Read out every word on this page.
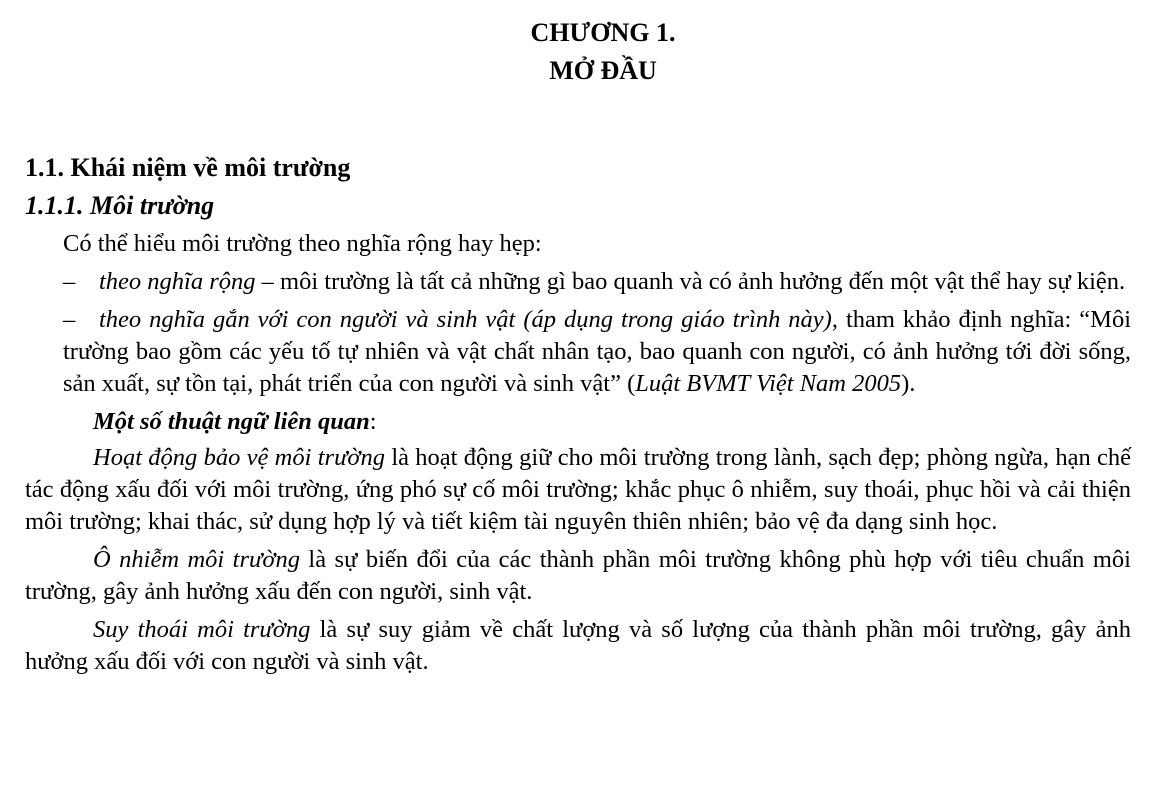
CHƯƠNG 1.
MỞ ĐẦU
1.1. Khái niệm về môi trường
1.1.1. Môi trường

Có thể hiểu môi trường theo nghĩa rộng hay hẹp:

– theo nghĩa rộng – môi trường là tất cả những gì bao quanh và có ảnh hưởng đến một vật thể hay sự kiện.

– theo nghĩa gắn với con người và sinh vật (áp dụng trong giáo trình này), tham khảo định nghĩa: “Môi trường bao gồm các yếu tố tự nhiên và vật chất nhân tạo, bao quanh con người, có ảnh hưởng tới đời sống, sản xuất, sự tồn tại, phát triển của con người và sinh vật” (Luật BVMT Việt Nam 2005).

Một số thuật ngữ liên quan:

Hoạt động bảo vệ môi trường là hoạt động giữ cho môi trường trong lành, sạch đẹp; phòng ngừa, hạn chế tác động xấu đối với môi trường, ứng phó sự cố môi trường; khắc phục ô nhiễm, suy thoái, phục hồi và cải thiện môi trường; khai thác, sử dụng hợp lý và tiết kiệm tài nguyên thiên nhiên; bảo vệ đa dạng sinh học.

Ô nhiễm môi trường là sự biến đổi của các thành phần môi trường không phù hợp với tiêu chuẩn môi trường, gây ảnh hưởng xấu đến con người, sinh vật.

Suy thoái môi trường là sự suy giảm về chất lượng và số lượng của thành phần môi trường, gây ảnh hưởng xấu đối với con người và sinh vật.
